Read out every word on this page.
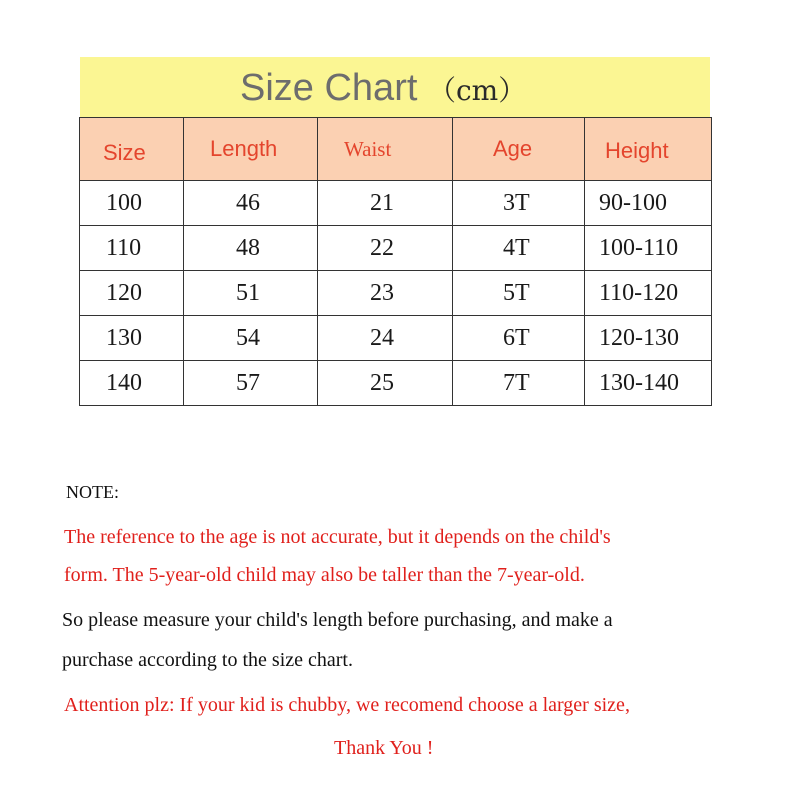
Size Chart （cm）
Size	Length	Waist	Age	Height
100	46	21	3T	90-100
110	48	22	4T	100-110
120	51	23	5T	110-120
130	54	24	6T	120-130
140	57	25	7T	130-140
NOTE:
The reference to the age is not accurate, but it depends on the child's
form. The 5-year-old child may also be taller than the 7-year-old.
So please measure your child's length before purchasing, and make a
purchase according to the size chart.
Attention plz: If your kid is chubby, we recomend choose a larger size,
Thank You !
